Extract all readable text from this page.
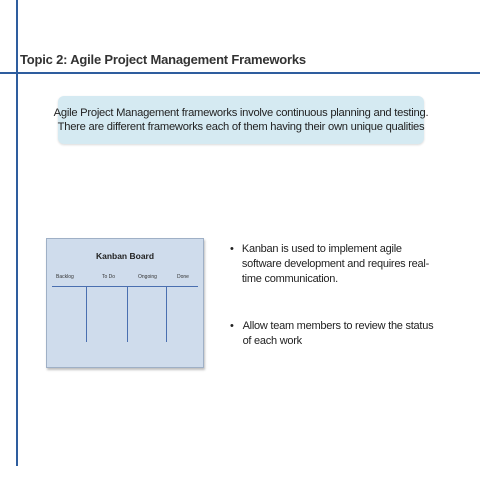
Topic 2: Agile Project Management Frameworks
Agile Project Management frameworks involve continuous planning and testing.
There are different frameworks each of them having their own unique qualities
Kanban Board
Backlog	To Do	Ongoing	Done
• Kanban is used to implement agile software development and requires real-time communication.
• Allow team members to review the status of each work
